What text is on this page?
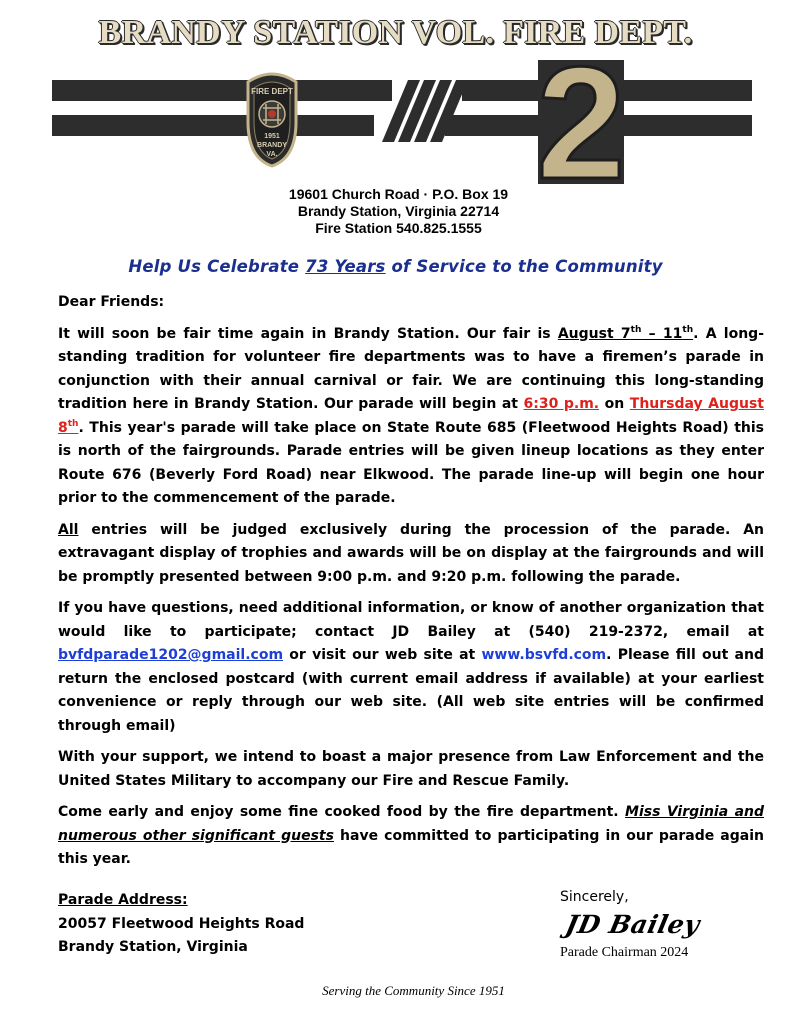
BRANDY STATION VOL. FIRE DEPT.
FIRE DEPT
1951
BRANDY
VA. 2
19601 Church Road · P.O. Box 19
Brandy Station, Virginia 22714
Fire Station 540.825.1555
Help Us Celebrate 73 Years of Service to the Community

Dear Friends:

It will soon be fair time again in Brandy Station. Our fair is August 7th – 11th. A long-standing tradition for volunteer fire departments was to have a firemen’s parade in conjunction with their annual carnival or fair. We are continuing this long-standing tradition here in Brandy Station. Our parade will begin at 6:30 p.m. on Thursday August 8th. This year's parade will take place on State Route 685 (Fleetwood Heights Road) this is north of the fairgrounds. Parade entries will be given lineup locations as they enter Route 676 (Beverly Ford Road) near Elkwood. The parade line-up will begin one hour prior to the commencement of the parade.

All entries will be judged exclusively during the procession of the parade. An extravagant display of trophies and awards will be on display at the fairgrounds and will be promptly presented between 9:00 p.m. and 9:20 p.m. following the parade.

If you have questions, need additional information, or know of another organization that would like to participate; contact JD Bailey at (540) 219-2372, email at bvfdparade1202@gmail.com or visit our web site at www.bsvfd.com. Please fill out and return the enclosed postcard (with current email address if available) at your earliest convenience or reply through our web site. (All web site entries will be confirmed through email)

With your support, we intend to boast a major presence from Law Enforcement and the United States Military to accompany our Fire and Rescue Family.

Come early and enjoy some fine cooked food by the fire department. Miss Virginia and numerous other significant guests have committed to participating in our parade again this year.

Parade Address:
20057 Fleetwood Heights Road
Brandy Station, Virginia
Sincerely,
JD Bailey
Parade Chairman 2024
Serving the Community Since 1951
